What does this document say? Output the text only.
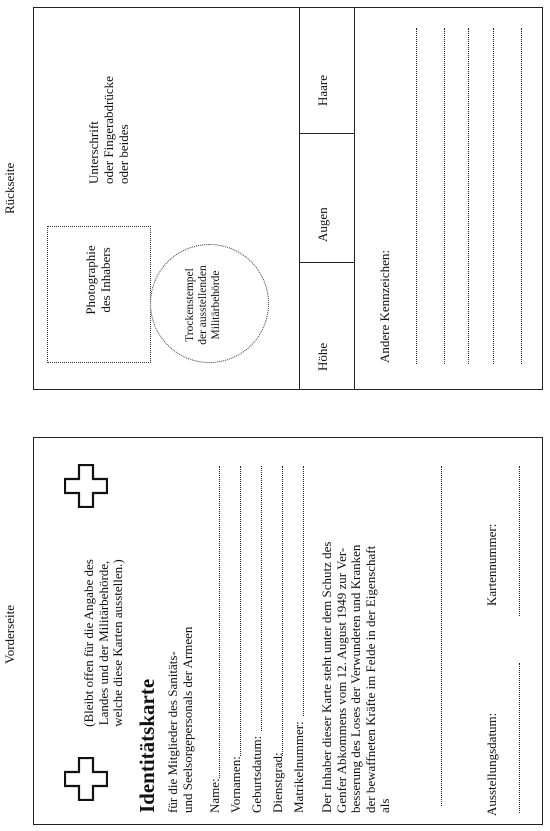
Rückseite
Unterschrift oder Fingerabdrücke oder beides
Photographie des Inhabers	Trockenstempel der ausstellenden Militärbehörde
Haare
Augen
Höhe	Andere Kennzeichen:
Vorderseite	(Bleibt offen für die Angabe des Landes und der Militärbehörde, welche diese Karten ausstellen.)
Identitätskarte für die Mitglieder des Sanitäts- und Seelsorgepersonals der Armeen Name: Vornamen: Geburtsdatum: Dienstgrad: Matrikelnummer: Der Inhaber dieser Karte steht unter dem Schutz des Genfer Abkommens vom 12. August 1949 zur Ver- besserung des Loses der Verwundeten und Kranken der bewaffneten Kräfte im Felde in der Eigenschaft als	Ausstellungsdatum:
Kartennummer:
